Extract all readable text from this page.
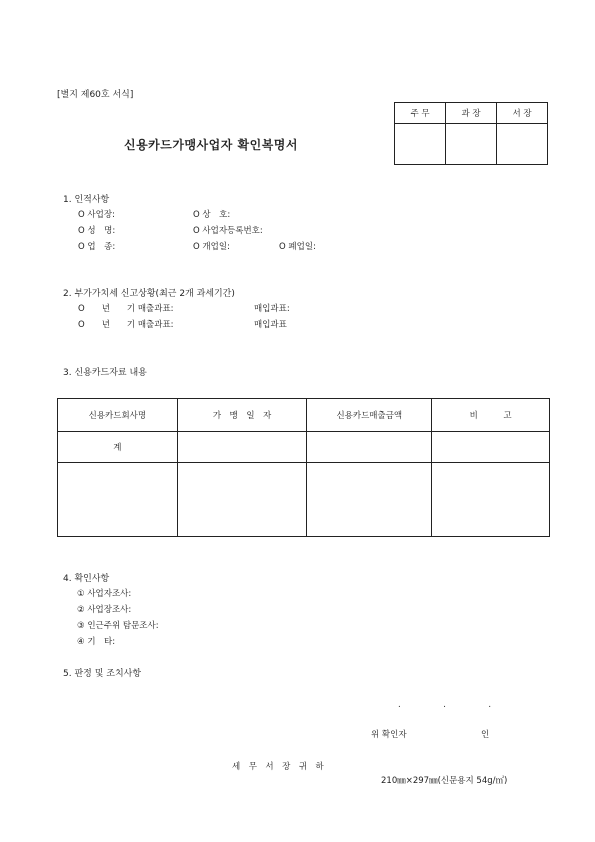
[별지 제60호 서식]
신용카드가맹사업자 확인복명서
주 무	과 장	서 장

1. 인적사항
O 사업장:	O 상　호:
O 성　명:	O 사업자등록번호:
O 업　종:	O 개업일:	O 폐업일:
2. 부가가치세 신고상황(최근 2개 과세기간)
O　　년　　기 매출과표:	매입과표:
O　　년　　기 매출과표:	매입과표
3. 신용카드자료 내용
신용카드회사명	가　맹　일　자	신용카드매출금액	비　　　고
계			

4. 확인사항
① 사업자조사:
② 사업장조사:
③ 인근주위 탐문조사:
④ 기　타:
5. 판정 및 조치사항
.　　　　　.　　　　　.
위 확인자	인
세　무　서　장　귀　하
210㎜×297㎜(신문용지 54g/㎡)
